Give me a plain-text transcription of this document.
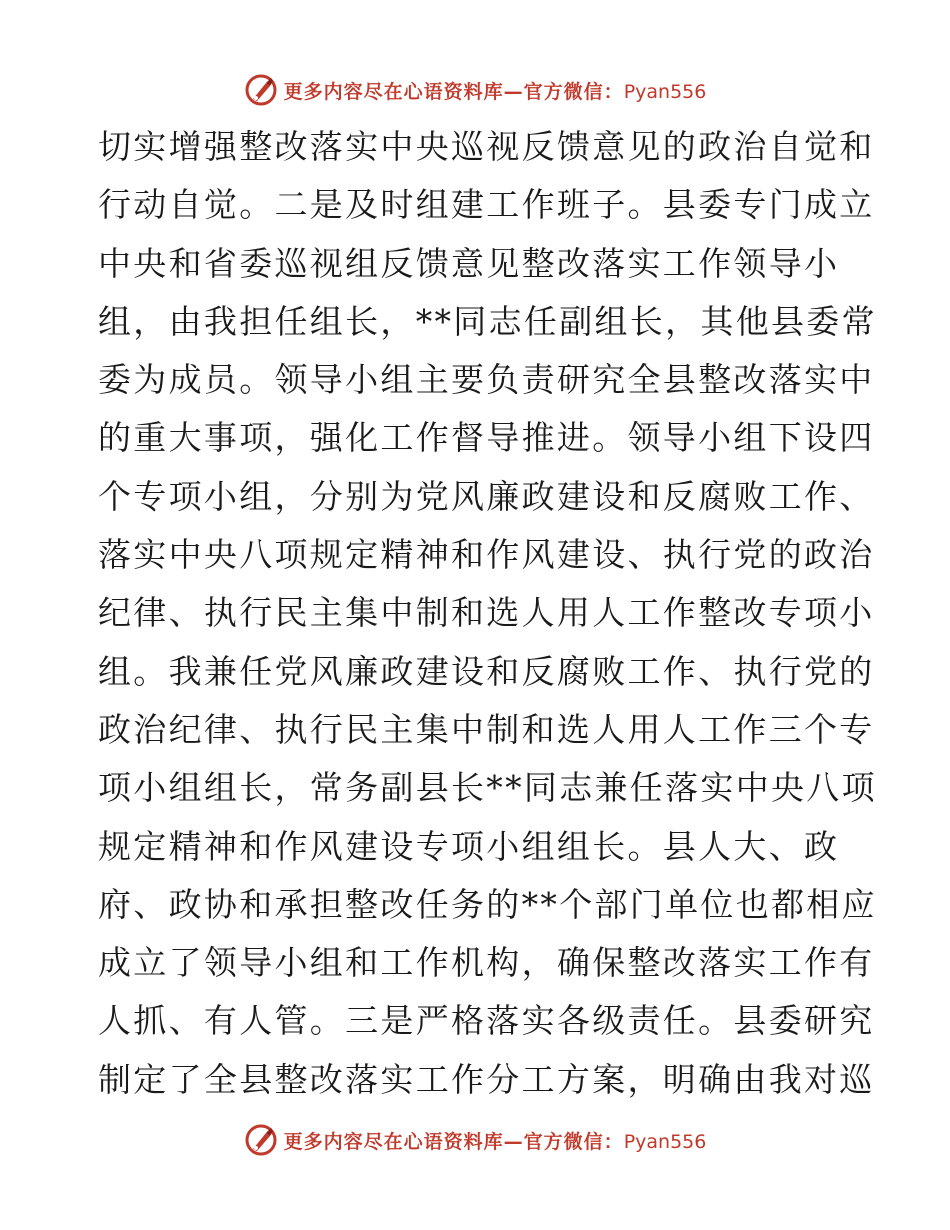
更多内容尽在心语资料库—官方微信：Pyan556
切实增强整改落实中央巡视反馈意见的政治自觉和
行动自觉。二是及时组建工作班子。县委专门成立
中央和省委巡视组反馈意见整改落实工作领导小
组，由我担任组长，**同志任副组长，其他县委常
委为成员。领导小组主要负责研究全县整改落实中
的重大事项，强化工作督导推进。领导小组下设四
个专项小组，分别为党风廉政建设和反腐败工作、
落实中央八项规定精神和作风建设、执行党的政治
纪律、执行民主集中制和选人用人工作整改专项小
组。我兼任党风廉政建设和反腐败工作、执行党的
政治纪律、执行民主集中制和选人用人工作三个专
项小组组长，常务副县长**同志兼任落实中央八项
规定精神和作风建设专项小组组长。县人大、政
府、政协和承担整改任务的**个部门单位也都相应
成立了领导小组和工作机构，确保整改落实工作有
人抓、有人管。三是严格落实各级责任。县委研究
制定了全县整改落实工作分工方案，明确由我对巡
更多内容尽在心语资料库—官方微信：Pyan556
